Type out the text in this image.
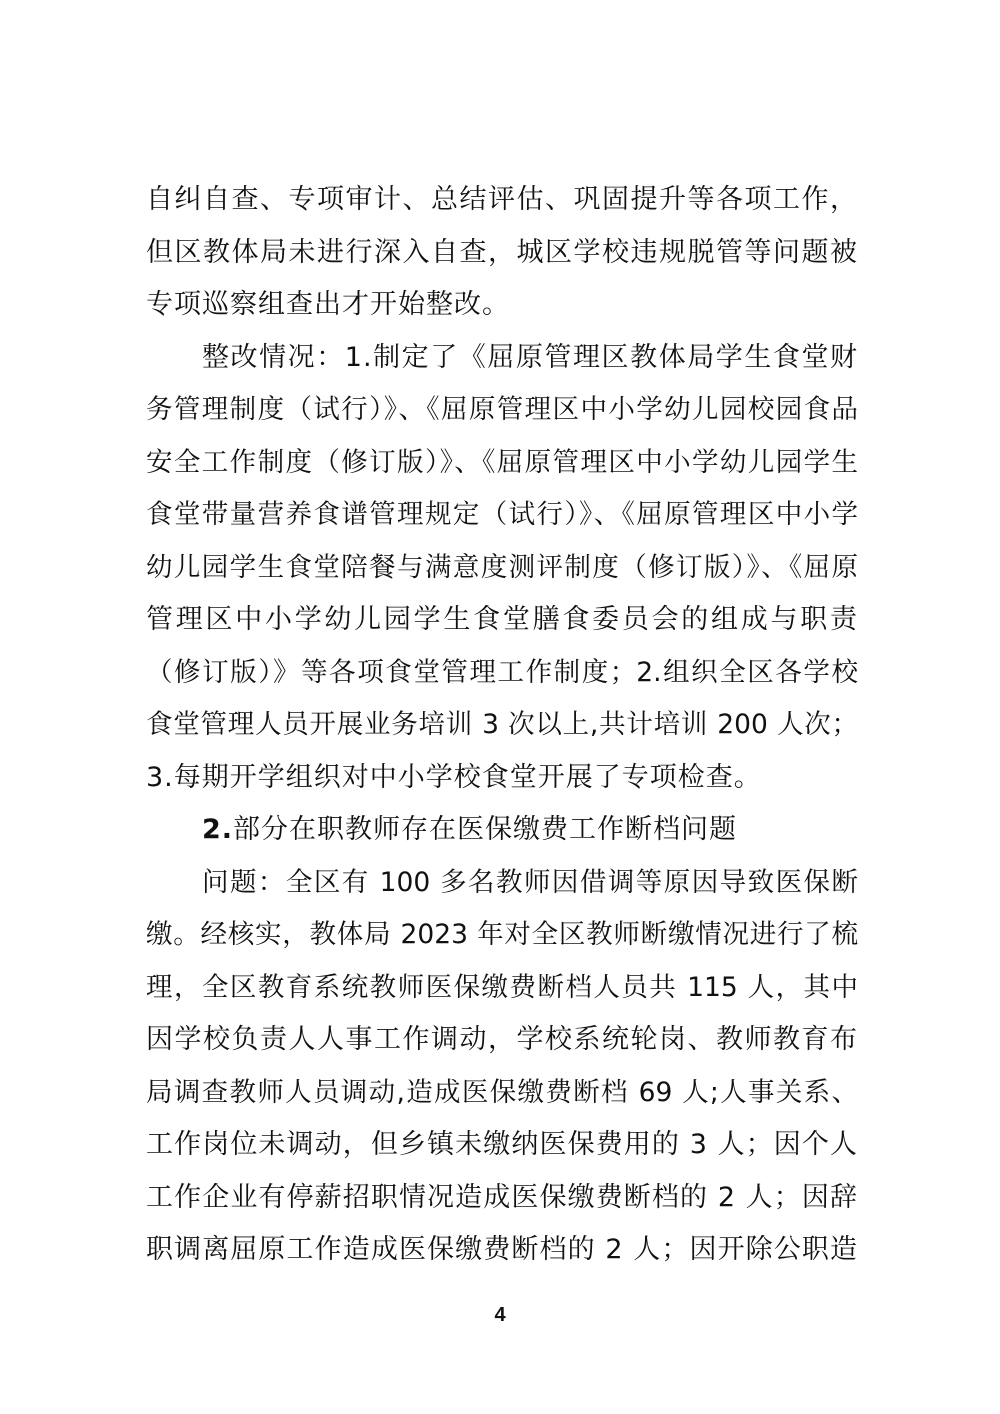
自纠自查、专项审计、总结评估、巩固提升等各项工作，
但区教体局未进行深入自查，城区学校违规脱管等问题被
专项巡察组查出才开始整改。
整改情况：1.制定了《屈原管理区教体局学生食堂财
务管理制度（试行）》、《屈原管理区中小学幼儿园校园食品
安全工作制度（修订版）》、《屈原管理区中小学幼儿园学生
食堂带量营养食谱管理规定（试行）》、《屈原管理区中小学
幼儿园学生食堂陪餐与满意度测评制度（修订版）》、《屈原
管理区中小学幼儿园学生食堂膳食委员会的组成与职责
（修订版）》等各项食堂管理工作制度；2.组织全区各学校
食堂管理人员开展业务培训 3 次以上,共计培训 200 人次；
3.每期开学组织对中小学校食堂开展了专项检查。
2.部分在职教师存在医保缴费工作断档问题
问题：全区有 100 多名教师因借调等原因导致医保断
缴。经核实，教体局 2023 年对全区教师断缴情况进行了梳
理，全区教育系统教师医保缴费断档人员共 115 人，其中
因学校负责人人事工作调动，学校系统轮岗、教师教育布
局调查教师人员调动,造成医保缴费断档 69 人;人事关系、
工作岗位未调动，但乡镇未缴纳医保费用的 3 人；因个人
工作企业有停薪招职情况造成医保缴费断档的 2 人；因辞
职调离屈原工作造成医保缴费断档的 2 人；因开除公职造
4
